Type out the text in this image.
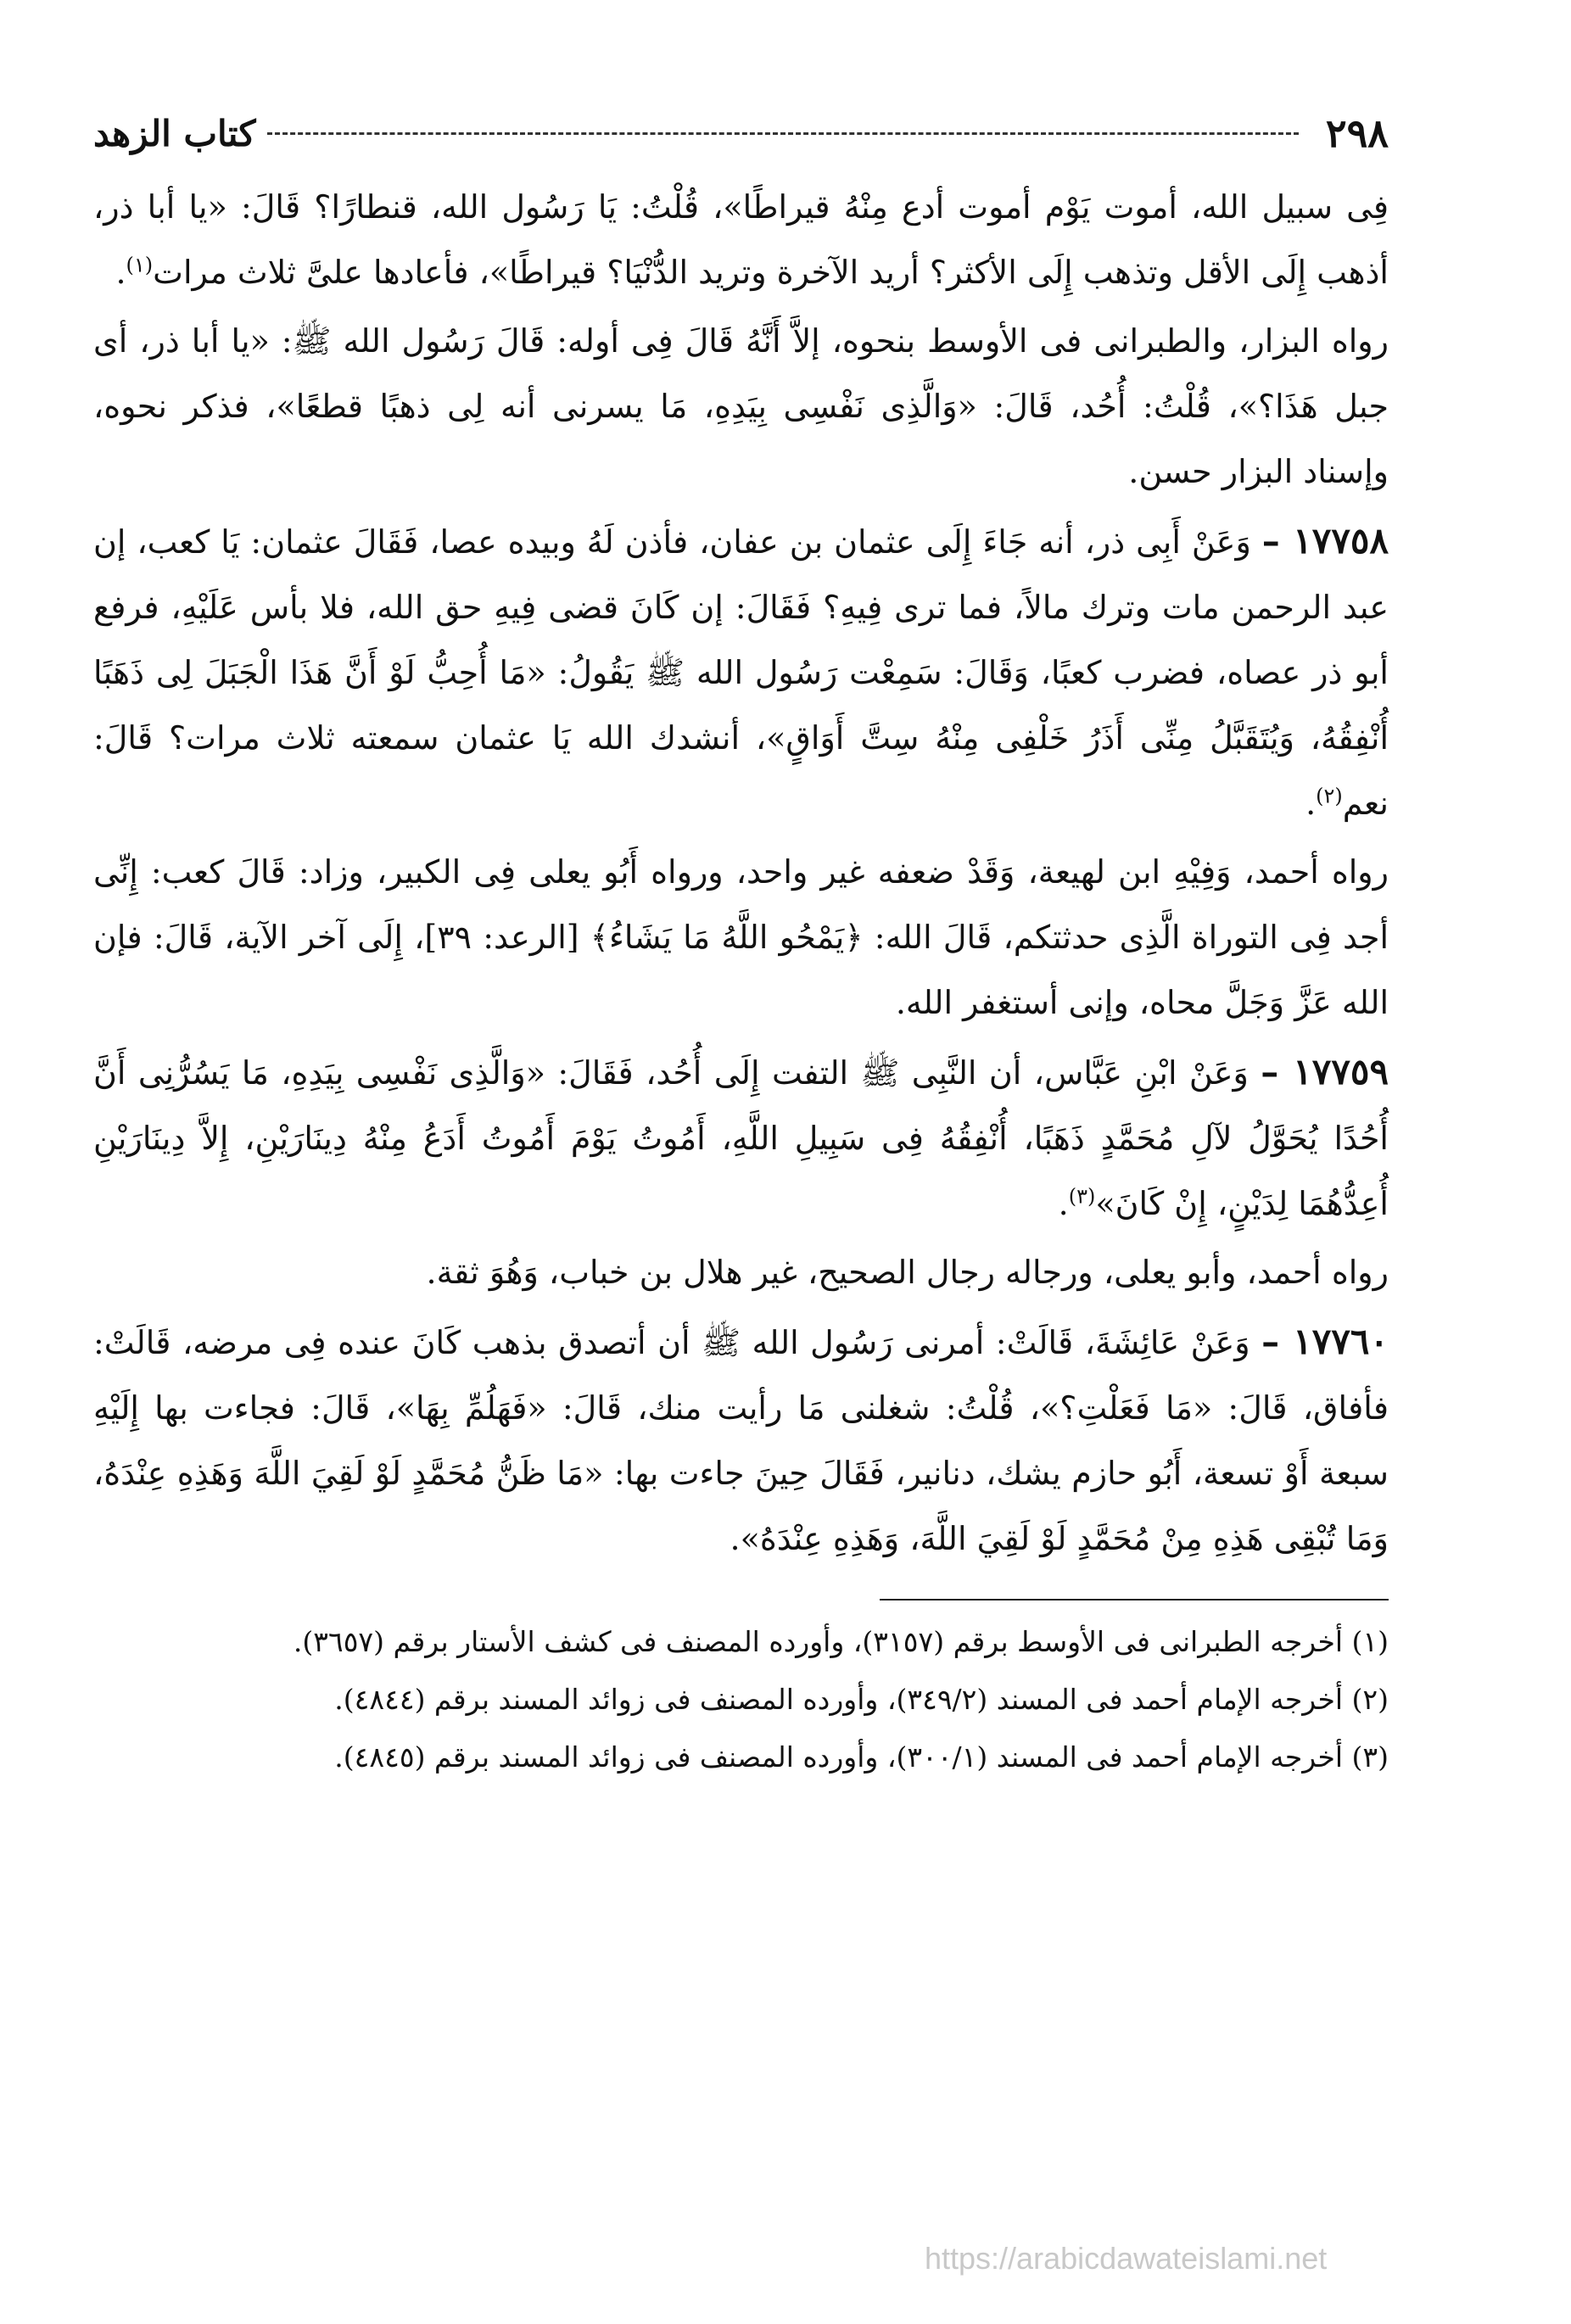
٢٩٨
كتاب الزهد

فِى سبيل الله، أموت يَوْم أموت أدع مِنْهُ قيراطًا»، قُلْتُ: يَا رَسُول الله، قنطارًا؟ قَالَ: «يا أبا ذر، أذهب إِلَى الأقل وتذهب إِلَى الأكثر؟ أريد الآخرة وتريد الدُّنْيَا؟ قيراطًا»، فأعادها علىَّ ثلاث مرات$^{(١)}$.

رواه البزار، والطبرانى فى الأوسط بنحوه، إلاَّ أَنَّهُ قَالَ فِى أوله: قَالَ رَسُول الله ﷺ: «يا أبا ذر، أى جبل هَذَا؟»، قُلْتُ: أُحُد، قَالَ: «وَالَّذِى نَفْسِى بِيَدِهِ، مَا يسرنى أنه لِى ذهبًا قطعًا»، فذكر نحوه، وإسناد البزار حسن.

١٧٧٥٨ – وَعَنْ أَبِى ذر، أنه جَاءَ إِلَى عثمان بن عفان، فأذن لَهُ وبيده عصا، فَقَالَ عثمان: يَا كعب، إن عبد الرحمن مات وترك مالاً، فما ترى فِيهِ؟ فَقَالَ: إن كَانَ قضى فِيهِ حق الله، فلا بأس عَلَيْهِ، فرفع أبو ذر عصاه، فضرب كعبًا، وَقَالَ: سَمِعْت رَسُول الله ﷺ يَقُولُ: «مَا أُحِبُّ لَوْ أَنَّ هَذَا الْجَبَلَ لِى ذَهَبًا أُنْفِقُهُ، وَيُتَقَبَّلُ مِنِّى أَذَرُ خَلْفِى مِنْهُ سِتَّ أَوَاقٍ»، أنشدك الله يَا عثمان سمعته ثلاث مرات؟ قَالَ: نعم$^{(٢)}$.

رواه أحمد، وَفِيْهِ ابن لهيعة، وَقَدْ ضعفه غير واحد، ورواه أَبُو يعلى فِى الكبير، وزاد: قَالَ كعب: إِنِّى أجد فِى التوراة الَّذِى حدثتكم، قَالَ الله: ﴿يَمْحُو اللَّهُ مَا يَشَاءُ﴾ [الرعد: ٣٩]، إِلَى آخر الآية، قَالَ: فإن الله عَزَّ وَجَلَّ محاه، وإنى أستغفر الله.

١٧٧٥٩ – وَعَنْ ابْنِ عَبَّاس، أن النَّبِى ﷺ التفت إِلَى أُحُد، فَقَالَ: «وَالَّذِى نَفْسِى بِيَدِهِ، مَا يَسُرُّنِى أَنَّ أُحُدًا يُحَوَّلُ لآلِ مُحَمَّدٍ ذَهَبًا، أُنْفِقُهُ فِى سَبِيلِ اللَّهِ، أَمُوتُ يَوْمَ أَمُوتُ أَدَعُ مِنْهُ دِينَارَيْنِ، إِلاَّ دِينَارَيْنِ أُعِدُّهُمَا لِدَيْنٍ، إِنْ كَانَ»$^{(٣)}$.

رواه أحمد، وأبو يعلى، ورجاله رجال الصحيح، غير هلال بن خباب، وَهُوَ ثقة.

١٧٧٦٠ – وَعَنْ عَائِشَةَ، قَالَتْ: أمرنى رَسُول الله ﷺ أن أتصدق بذهب كَانَ عنده فِى مرضه، قَالَتْ: فأفاق، قَالَ: «مَا فَعَلْتِ؟»، قُلْتُ: شغلنى مَا رأيت منك، قَالَ: «فَهَلُمِّ بِهَا»، قَالَ: فجاءت بها إِلَيْهِ سبعة أَوْ تسعة، أَبُو حازم يشك، دنانير، فَقَالَ حِينَ جاءت بها: «مَا ظَنُّ مُحَمَّدٍ لَوْ لَقِيَ اللَّهَ وَهَذِهِ عِنْدَهُ، وَمَا تُبْقِى هَذِهِ مِنْ مُحَمَّدٍ لَوْ لَقِيَ اللَّهَ، وَهَذِهِ عِنْدَهُ».

(١) أخرجه الطبرانى فى الأوسط برقم (٣١٥٧)، وأورده المصنف فى كشف الأستار برقم (٣٦٥٧).

(٢) أخرجه الإمام أحمد فى المسند (٣٤٩/٢)، وأورده المصنف فى زوائد المسند برقم (٤٨٤٤).

(٣) أخرجه الإمام أحمد فى المسند (٣٠٠/١)، وأورده المصنف فى زوائد المسند برقم (٤٨٤٥).

https://arabicdawateislami.net
